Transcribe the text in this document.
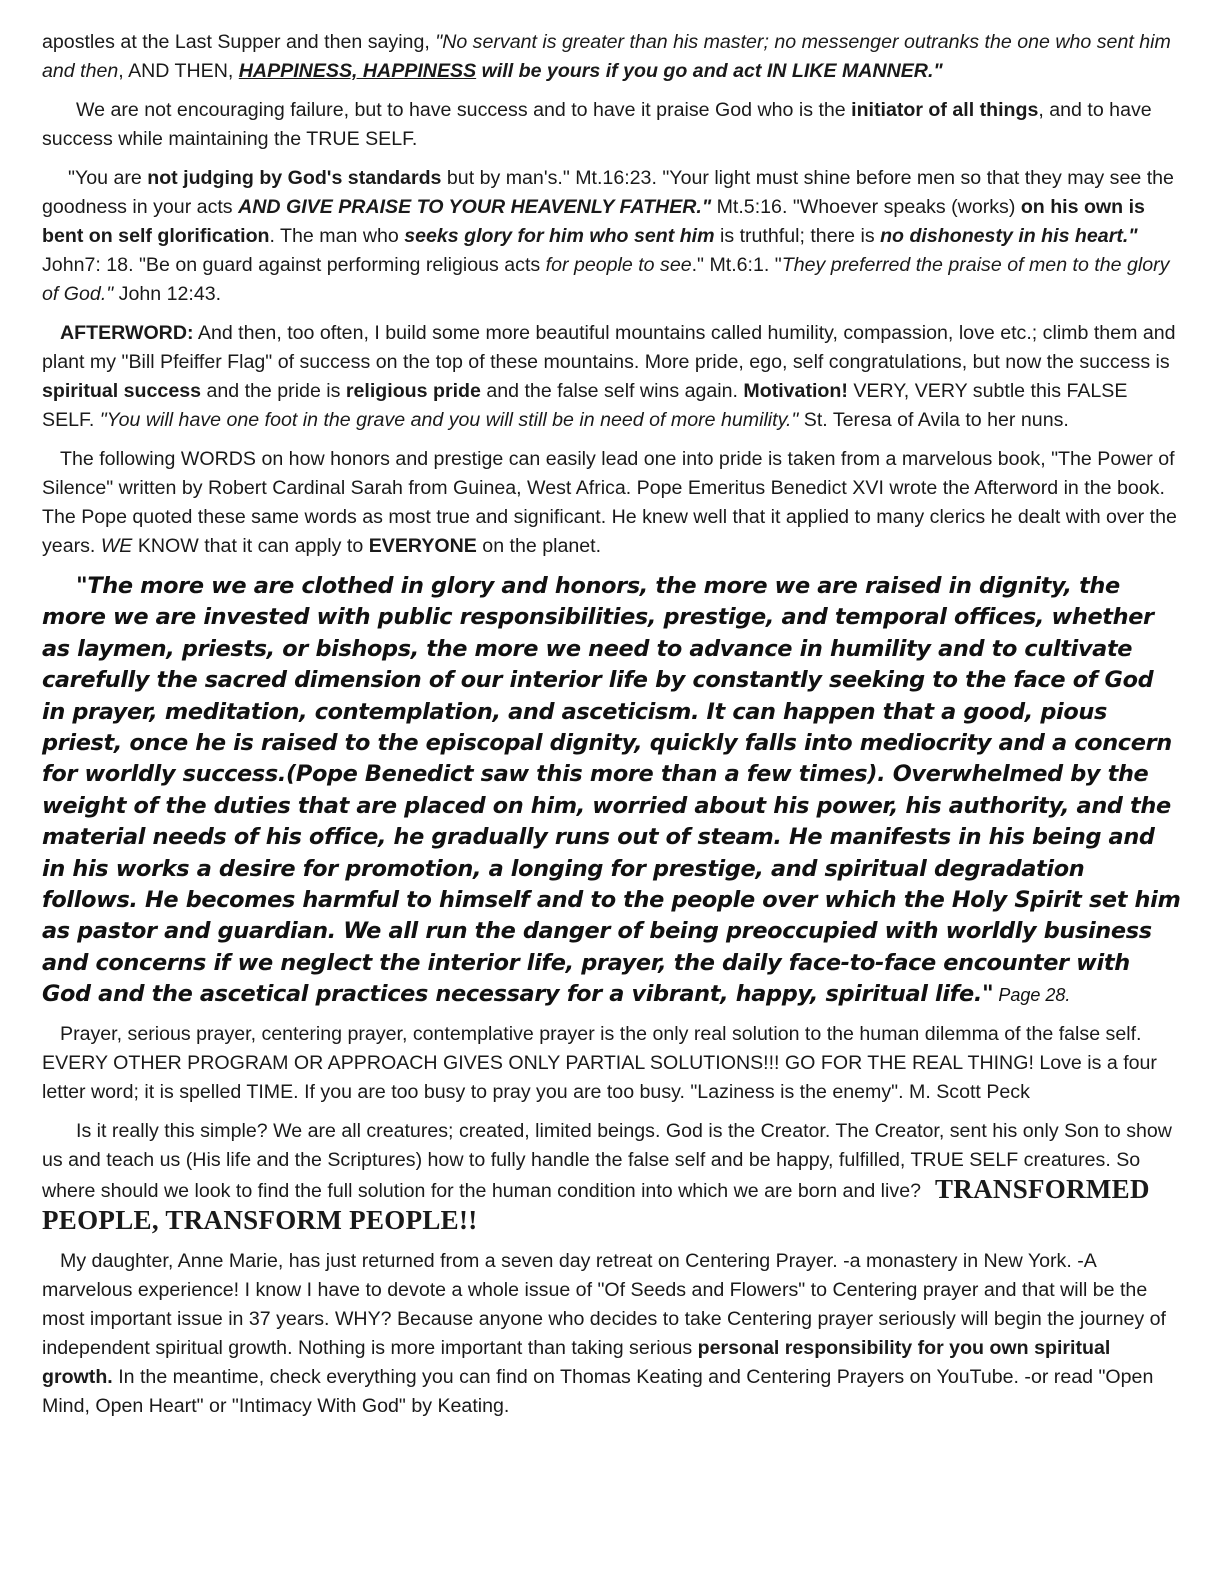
apostles at the Last Supper and then saying, "No servant is greater than his master; no messenger outranks the one who sent him and then, AND THEN, HAPPINESS, HAPPINESS will be yours if you go and act IN LIKE MANNER."

We are not encouraging failure, but to have success and to have it praise God who is the initiator of all things, and to have success while maintaining the TRUE SELF.

"You are not judging by God's standards but by man's." Mt.16:23. "Your light must shine before men so that they may see the goodness in your acts AND GIVE PRAISE TO YOUR HEAVENLY FATHER." Mt.5:16. "Whoever speaks (works) on his own is bent on self glorification. The man who seeks glory for him who sent him is truthful; there is no dishonesty in his heart." John7: 18. "Be on guard against performing religious acts for people to see." Mt.6:1. "They preferred the praise of men to the glory of God." John 12:43.

AFTERWORD: And then, too often, I build some more beautiful mountains called humility, compassion, love etc.; climb them and plant my "Bill Pfeiffer Flag" of success on the top of these mountains. More pride, ego, self congratulations, but now the success is spiritual success and the pride is religious pride and the false self wins again. Motivation! VERY, VERY subtle this FALSE SELF. "You will have one foot in the grave and you will still be in need of more humility." St. Teresa of Avila to her nuns.

The following WORDS on how honors and prestige can easily lead one into pride is taken from a marvelous book, "The Power of Silence" written by Robert Cardinal Sarah from Guinea, West Africa. Pope Emeritus Benedict XVI wrote the Afterword in the book. The Pope quoted these same words as most true and significant. He knew well that it applied to many clerics he dealt with over the years. WE KNOW that it can apply to EVERYONE on the planet.

"The more we are clothed in glory and honors, the more we are raised in dignity, the more we are invested with public responsibilities, prestige, and temporal offices, whether as laymen, priests, or bishops, the more we need to advance in humility and to cultivate carefully the sacred dimension of our interior life by constantly seeking to the face of God in prayer, meditation, contemplation, and asceticism. It can happen that a good, pious priest, once he is raised to the episcopal dignity, quickly falls into mediocrity and a concern for worldly success.(Pope Benedict saw this more than a few times). Overwhelmed by the weight of the duties that are placed on him, worried about his power, his authority, and the material needs of his office, he gradually runs out of steam. He manifests in his being and in his works a desire for promotion, a longing for prestige, and spiritual degradation follows. He becomes harmful to himself and to the people over which the Holy Spirit set him as pastor and guardian. We all run the danger of being preoccupied with worldly business and concerns if we neglect the interior life, prayer, the daily face-to-face encounter with God and the ascetical practices necessary for a vibrant, happy, spiritual life." Page 28.

Prayer, serious prayer, centering prayer, contemplative prayer is the only real solution to the human dilemma of the false self. EVERY OTHER PROGRAM OR APPROACH GIVES ONLY PARTIAL SOLUTIONS!!! GO FOR THE REAL THING! Love is a four letter word; it is spelled TIME. If you are too busy to pray you are too busy. "Laziness is the enemy". M. Scott Peck

Is it really this simple? We are all creatures; created, limited beings. God is the Creator. The Creator, sent his only Son to show us and teach us (His life and the Scriptures) how to fully handle the false self and be happy, fulfilled, TRUE SELF creatures. So where should we look to find the full solution for the human condition into which we are born and live? TRANSFORMED PEOPLE, TRANSFORM PEOPLE!!

My daughter, Anne Marie, has just returned from a seven day retreat on Centering Prayer. -a monastery in New York. -A marvelous experience! I know I have to devote a whole issue of "Of Seeds and Flowers" to Centering prayer and that will be the most important issue in 37 years. WHY? Because anyone who decides to take Centering prayer seriously will begin the journey of independent spiritual growth. Nothing is more important than taking serious personal responsibility for you own spiritual growth. In the meantime, check everything you can find on Thomas Keating and Centering Prayers on YouTube. -or read "Open Mind, Open Heart" or "Intimacy With God" by Keating.
